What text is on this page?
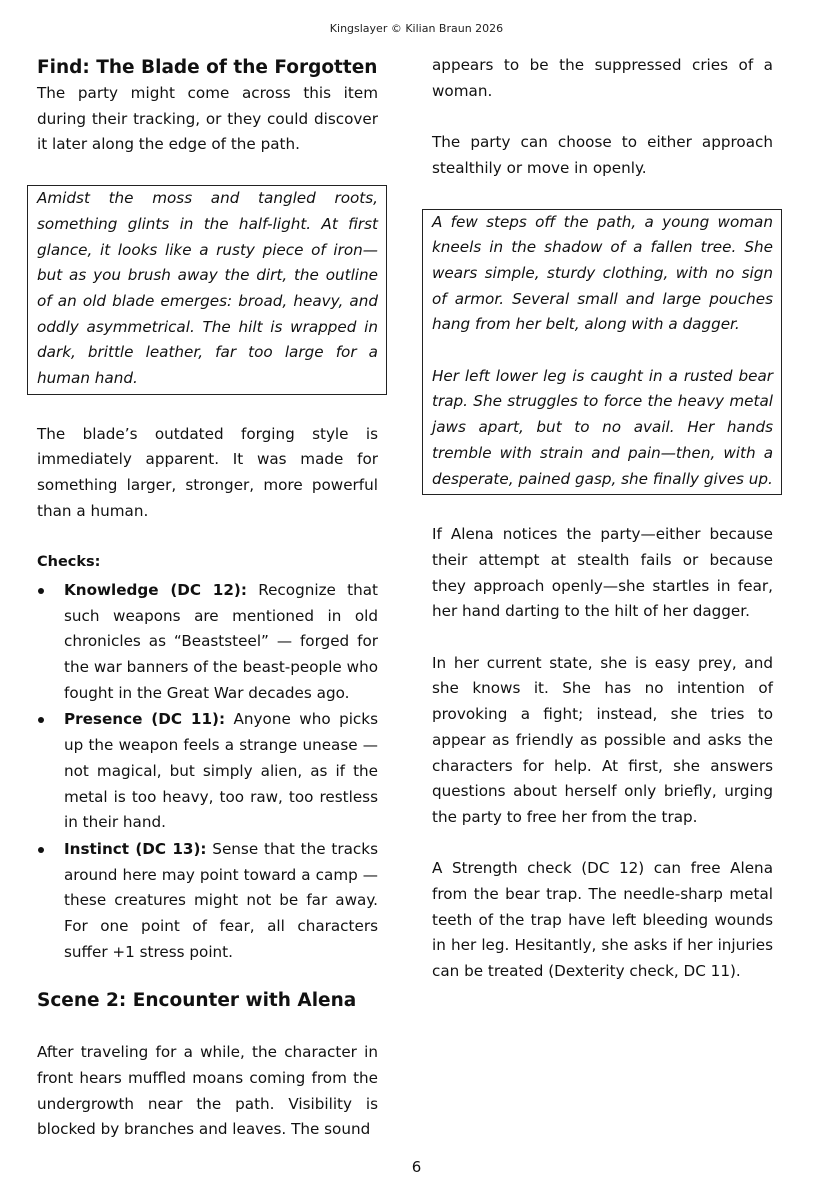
Kingslayer © Kilian Braun 2026
Find: The Blade of the Forgotten

The party might come across this item during their tracking, or they could discover it later along the edge of the path.

Amidst the moss and tangled roots, something glints in the half-light. At first glance, it looks like a rusty piece of iron—but as you brush away the dirt, the outline of an old blade emerges: broad, heavy, and oddly asymmetrical. The hilt is wrapped in dark, brittle leather, far too large for a human hand.

The blade’s outdated forging style is immediately apparent. It was made for something larger, stronger, more powerful than a human.

Checks:
Knowledge (DC 12): Recognize that such weapons are mentioned in old chronicles as “Beaststeel” — forged for the war banners of the beast-people who fought in the Great War decades ago.
Presence (DC 11): Anyone who picks up the weapon feels a strange unease — not magical, but simply alien, as if the metal is too heavy, too raw, too restless in their hand.
Instinct (DC 13): Sense that the tracks around here may point toward a camp — these creatures might not be far away. For one point of fear, all characters suffer +1 stress point.
Scene 2: Encounter with Alena

After traveling for a while, the character in front hears muffled moans coming from the undergrowth near the path. Visibility is blocked by branches and leaves. The sound

appears to be the suppressed cries of a woman.

The party can choose to either approach stealthily or move in openly.

A few steps off the path, a young woman kneels in the shadow of a fallen tree. She wears simple, sturdy clothing, with no sign of armor. Several small and large pouches hang from her belt, along with a dagger.

Her left lower leg is caught in a rusted bear trap. She struggles to force the heavy metal jaws apart, but to no avail. Her hands tremble with strain and pain—then, with a desperate, pained gasp, she finally gives up.

If Alena notices the party—either because their attempt at stealth fails or because they approach openly—she startles in fear, her hand darting to the hilt of her dagger.

In her current state, she is easy prey, and she knows it. She has no intention of provoking a fight; instead, she tries to appear as friendly as possible and asks the characters for help. At first, she answers questions about herself only briefly, urging the party to free her from the trap.

A Strength check (DC 12) can free Alena from the bear trap. The needle-sharp metal teeth of the trap have left bleeding wounds in her leg. Hesitantly, she asks if her injuries can be treated (Dexterity check, DC 11).

6
